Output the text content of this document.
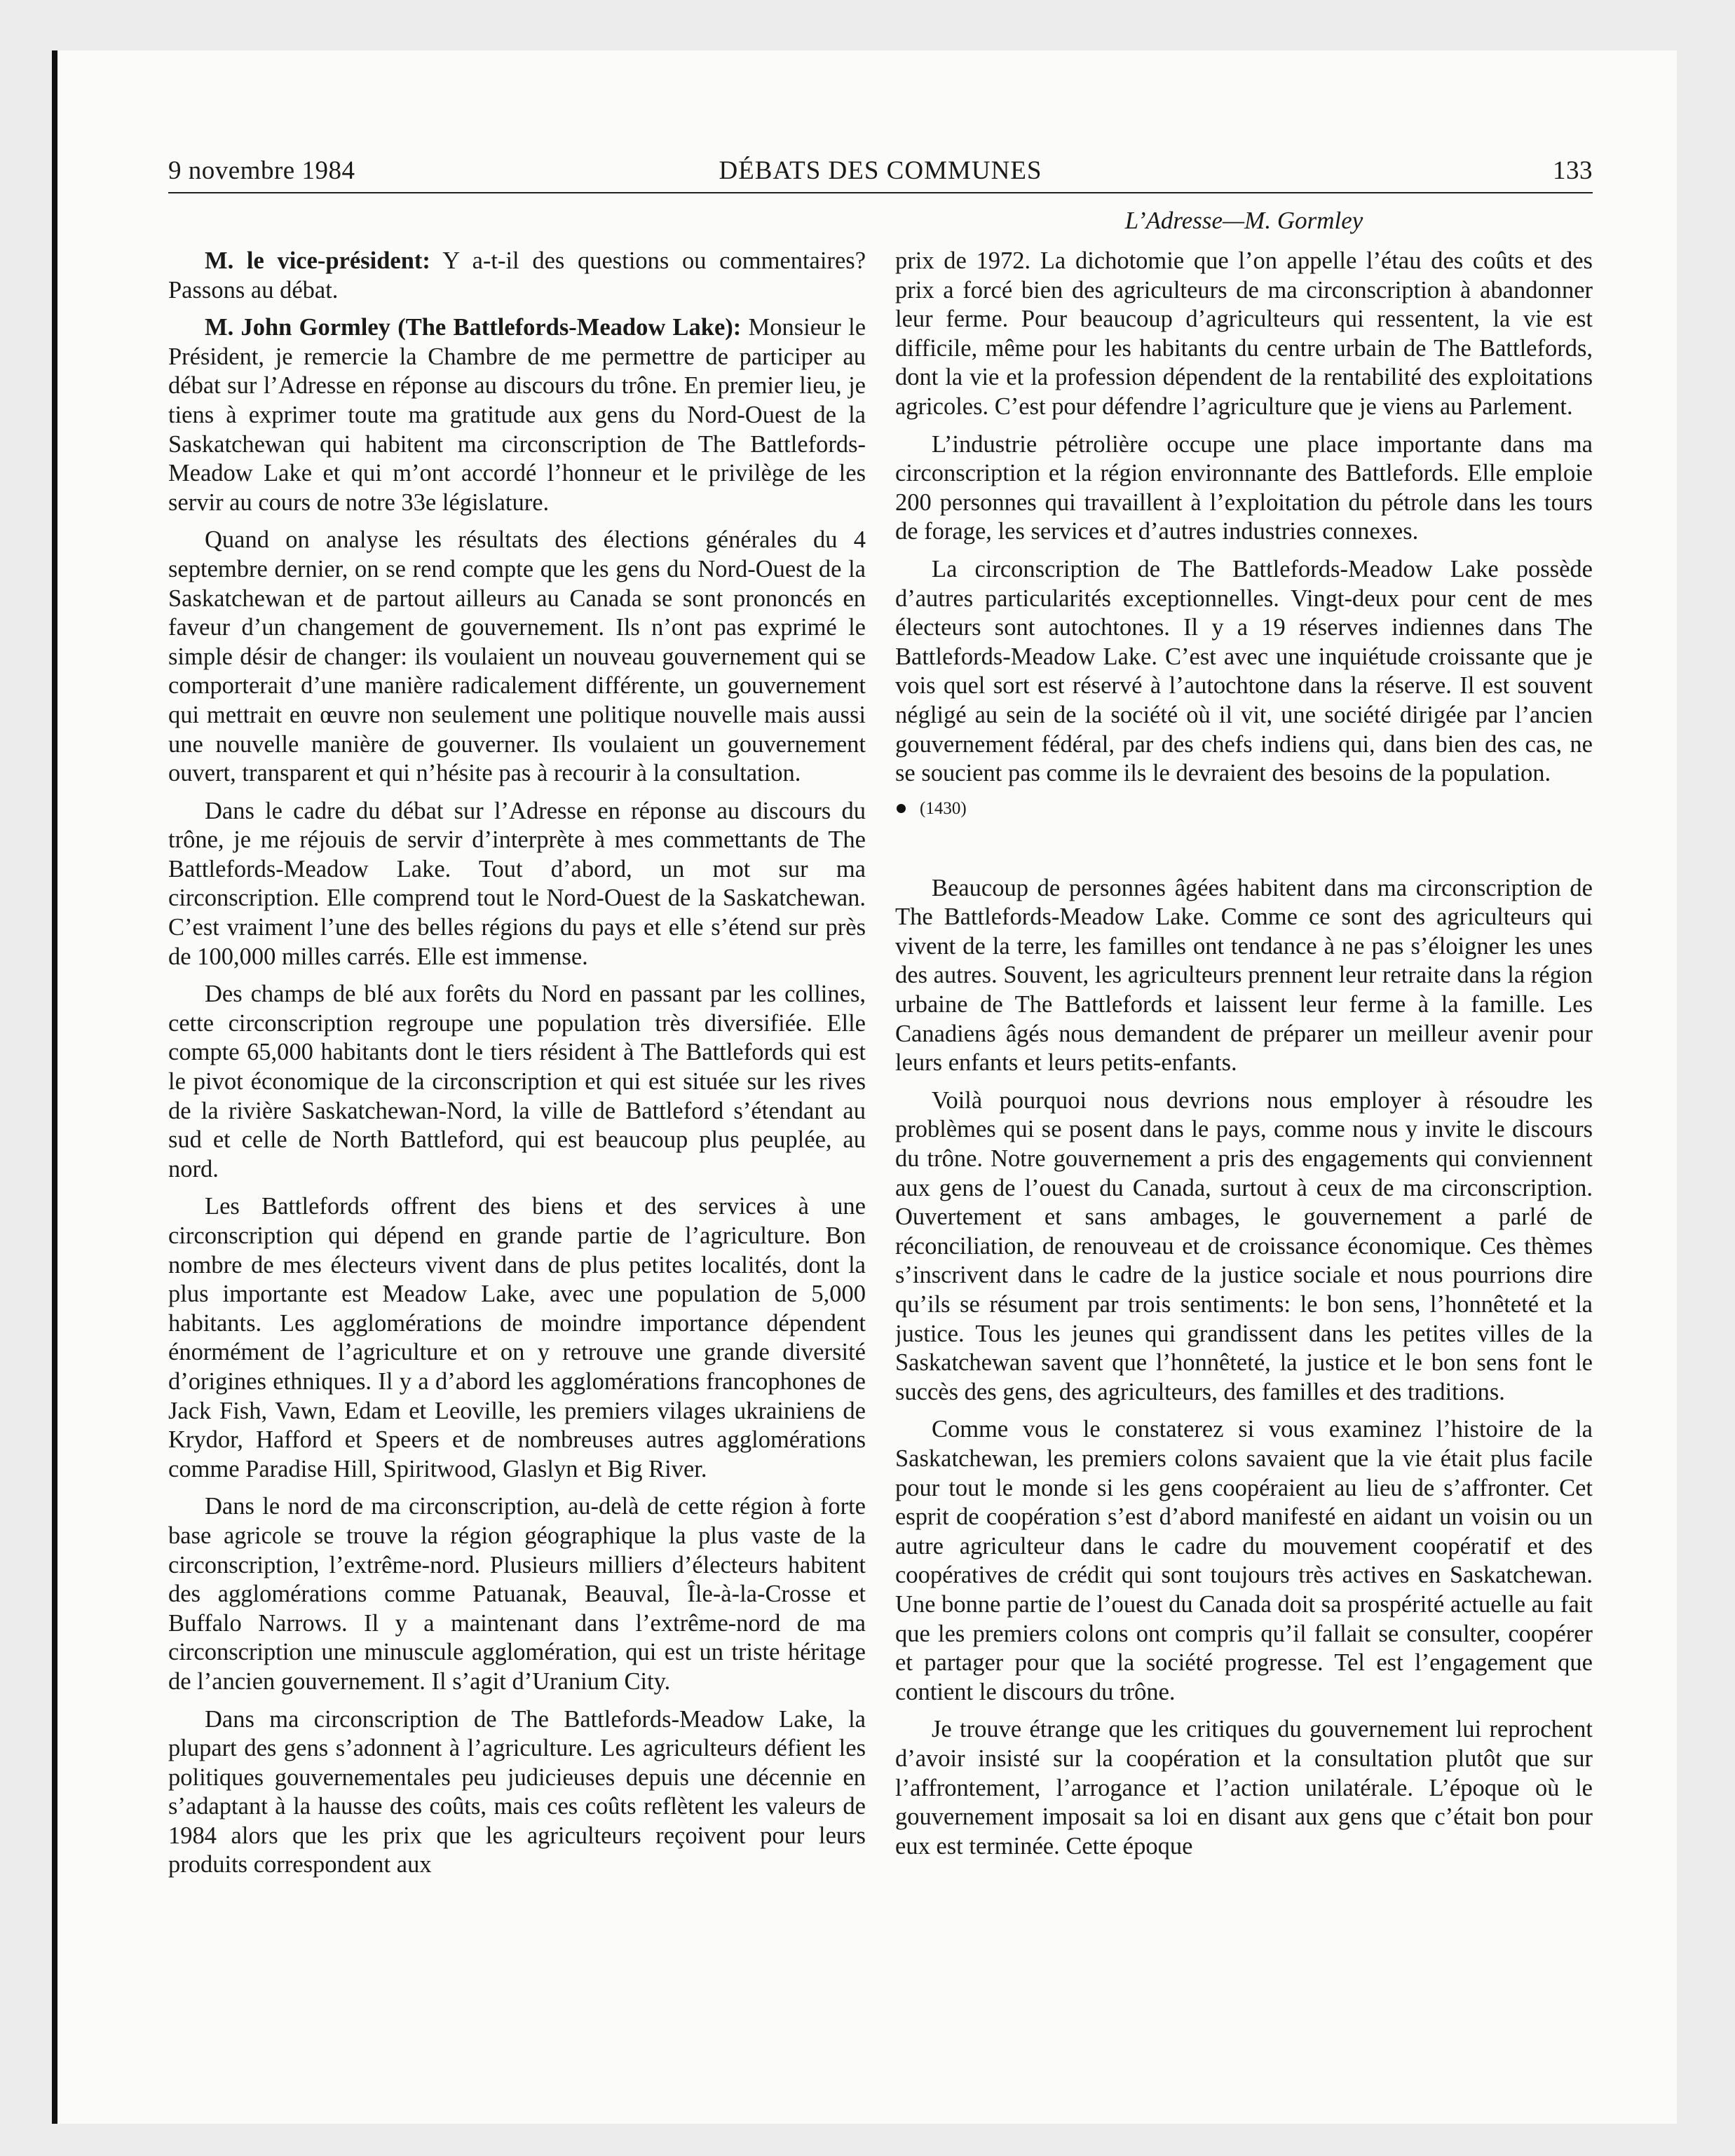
9 novembre 1984	DÉBATS DES COMMUNES	133
L’Adresse—M. Gormley

M. le vice-président: Y a-t-il des questions ou commentaires? Passons au débat.

M. John Gormley (The Battlefords-Meadow Lake): Monsieur le Président, je remercie la Chambre de me permettre de participer au débat sur l’Adresse en réponse au discours du trône. En premier lieu, je tiens à exprimer toute ma gratitude aux gens du Nord-Ouest de la Saskatchewan qui habitent ma circonscription de The Battlefords-Meadow Lake et qui m’ont accordé l’honneur et le privilège de les servir au cours de notre 33e législature.

Quand on analyse les résultats des élections générales du 4 septembre dernier, on se rend compte que les gens du Nord-Ouest de la Saskatchewan et de partout ailleurs au Canada se sont prononcés en faveur d’un changement de gouvernement. Ils n’ont pas exprimé le simple désir de changer: ils voulaient un nouveau gouvernement qui se comporterait d’une manière radicalement différente, un gouvernement qui mettrait en œuvre non seulement une politique nouvelle mais aussi une nouvelle manière de gouverner. Ils voulaient un gouvernement ouvert, transparent et qui n’hésite pas à recourir à la consultation.

Dans le cadre du débat sur l’Adresse en réponse au discours du trône, je me réjouis de servir d’interprète à mes commettants de The Battlefords-Meadow Lake. Tout d’abord, un mot sur ma circonscription. Elle comprend tout le Nord-Ouest de la Saskatchewan. C’est vraiment l’une des belles régions du pays et elle s’étend sur près de 100,000 milles carrés. Elle est immense.

Des champs de blé aux forêts du Nord en passant par les collines, cette circonscription regroupe une population très diversifiée. Elle compte 65,000 habitants dont le tiers résident à The Battlefords qui est le pivot économique de la circonscription et qui est située sur les rives de la rivière Saskatchewan-Nord, la ville de Battleford s’étendant au sud et celle de North Battleford, qui est beaucoup plus peuplée, au nord.

Les Battlefords offrent des biens et des services à une circonscription qui dépend en grande partie de l’agriculture. Bon nombre de mes électeurs vivent dans de plus petites localités, dont la plus importante est Meadow Lake, avec une population de 5,000 habitants. Les agglomérations de moindre importance dépendent énormément de l’agriculture et on y retrouve une grande diversité d’origines ethniques. Il y a d’abord les agglomérations francophones de Jack Fish, Vawn, Edam et Leoville, les premiers vilages ukrainiens de Krydor, Hafford et Speers et de nombreuses autres agglomérations comme Paradise Hill, Spiritwood, Glaslyn et Big River.

Dans le nord de ma circonscription, au-delà de cette région à forte base agricole se trouve la région géographique la plus vaste de la circonscription, l’extrême-nord. Plusieurs milliers d’électeurs habitent des agglomérations comme Patuanak, Beauval, Île-à-la-Crosse et Buffalo Narrows. Il y a maintenant dans l’extrême-nord de ma circonscription une minuscule agglomération, qui est un triste héritage de l’ancien gouvernement. Il s’agit d’Uranium City.

Dans ma circonscription de The Battlefords-Meadow Lake, la plupart des gens s’adonnent à l’agriculture. Les agriculteurs défient les politiques gouvernementales peu judicieuses depuis une décennie en s’adaptant à la hausse des coûts, mais ces coûts reflètent les valeurs de 1984 alors que les prix que les agriculteurs reçoivent pour leurs produits correspondent aux

prix de 1972. La dichotomie que l’on appelle l’étau des coûts et des prix a forcé bien des agriculteurs de ma circonscription à abandonner leur ferme. Pour beaucoup d’agriculteurs qui ressentent, la vie est difficile, même pour les habitants du centre urbain de The Battlefords, dont la vie et la profession dépendent de la rentabilité des exploitations agricoles. C’est pour défendre l’agriculture que je viens au Parlement.

L’industrie pétrolière occupe une place importante dans ma circonscription et la région environnante des Battlefords. Elle emploie 200 personnes qui travaillent à l’exploitation du pétrole dans les tours de forage, les services et d’autres industries connexes.

La circonscription de The Battlefords-Meadow Lake possède d’autres particularités exceptionnelles. Vingt-deux pour cent de mes électeurs sont autochtones. Il y a 19 réserves indiennes dans The Battlefords-Meadow Lake. C’est avec une inquiétude croissante que je vois quel sort est réservé à l’autochtone dans la réserve. Il est souvent négligé au sein de la société où il vit, une société dirigée par l’ancien gouvernement fédéral, par des chefs indiens qui, dans bien des cas, ne se soucient pas comme ils le devraient des besoins de la population.

(1430)

Beaucoup de personnes âgées habitent dans ma circonscription de The Battlefords-Meadow Lake. Comme ce sont des agriculteurs qui vivent de la terre, les familles ont tendance à ne pas s’éloigner les unes des autres. Souvent, les agriculteurs prennent leur retraite dans la région urbaine de The Battlefords et laissent leur ferme à la famille. Les Canadiens âgés nous demandent de préparer un meilleur avenir pour leurs enfants et leurs petits-enfants.

Voilà pourquoi nous devrions nous employer à résoudre les problèmes qui se posent dans le pays, comme nous y invite le discours du trône. Notre gouvernement a pris des engagements qui conviennent aux gens de l’ouest du Canada, surtout à ceux de ma circonscription. Ouvertement et sans ambages, le gouvernement a parlé de réconciliation, de renouveau et de croissance économique. Ces thèmes s’inscrivent dans le cadre de la justice sociale et nous pourrions dire qu’ils se résument par trois sentiments: le bon sens, l’honnêteté et la justice. Tous les jeunes qui grandissent dans les petites villes de la Saskatchewan savent que l’honnêteté, la justice et le bon sens font le succès des gens, des agriculteurs, des familles et des traditions.

Comme vous le constaterez si vous examinez l’histoire de la Saskatchewan, les premiers colons savaient que la vie était plus facile pour tout le monde si les gens coopéraient au lieu de s’affronter. Cet esprit de coopération s’est d’abord manifesté en aidant un voisin ou un autre agriculteur dans le cadre du mouvement coopératif et des coopératives de crédit qui sont toujours très actives en Saskatchewan. Une bonne partie de l’ouest du Canada doit sa prospérité actuelle au fait que les premiers colons ont compris qu’il fallait se consulter, coopérer et partager pour que la société progresse. Tel est l’engagement que contient le discours du trône.

Je trouve étrange que les critiques du gouvernement lui reprochent d’avoir insisté sur la coopération et la consultation plutôt que sur l’affrontement, l’arrogance et l’action unilatérale. L’époque où le gouvernement imposait sa loi en disant aux gens que c’était bon pour eux est terminée. Cette époque
